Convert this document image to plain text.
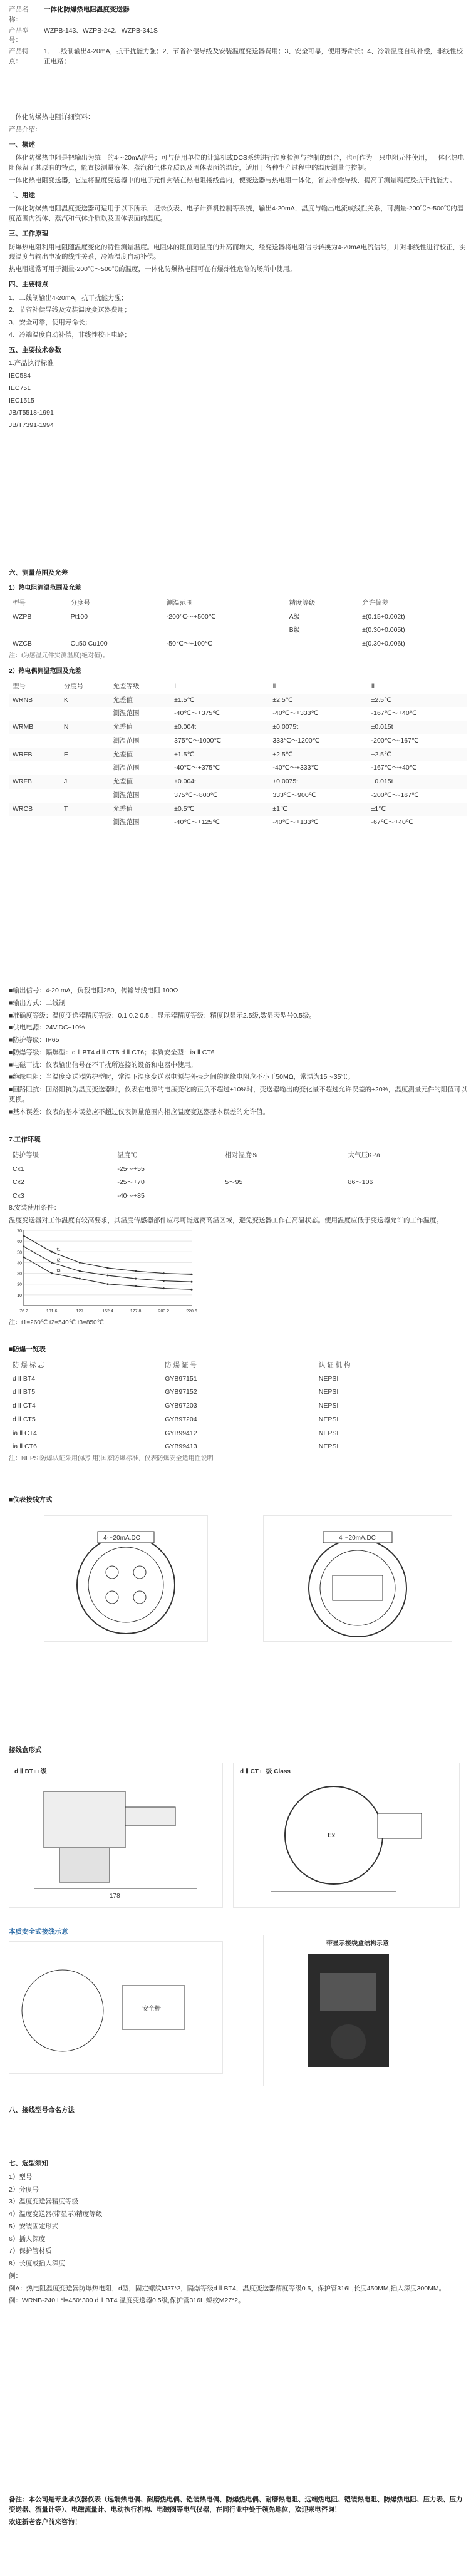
产品名称：
一体化防爆热电阻温度变送器
产品型号：
WZPB-143、WZPB-242、WZPB-341S
产品特点：
1、二线制输出4-20mA，抗干扰能力强；2、节省补偿导线及安装温度变送器费用；3、安全可靠，使用寿命长；4、冷端温度自动补偿，非线性校正电路；
一体化防爆热电阻详细资料：
产品介绍：
一、概述
一体化防爆热电阻是把输出为统一的4～20mA信号；可与使用单位的计算机或DCS系统进行温度检测与控制的组合，也可作为一只电阻元件使用，一体化热电阻保留了其原有的特点，能直接测量液体、蒸汽和气体介质以及固体表面的温度，适用于各种生产过程中的温度测量与控制。
一体化热电阻变送器，它是将温度变送器中的电子元件封装在热电阻接线盒内，使变送器与热电阻一体化，省去补偿导线，提高了测量精度及抗干扰能力。
二、用途
一体化防爆热电阻温度变送器可适用于以下所示，记录仪表、电子计算机控制等系统，输出4-20mA，温度与输出电流成线性关系，可测量-200℃～500℃的温度范围内流体、蒸汽和气体介质以及固体表面的温度。
三、工作原理
防爆热电阻利用电阻随温度变化的特性测量温度。电阻体的阻值随温度的升高而增大，经变送器将电阻信号转换为4-20mA电流信号，并对非线性进行校正，实现温度与输出电流的线性关系，冷端温度自动补偿。
热电阻通常可用于测量-200℃～500℃的温度，一体化防爆热电阻可在有爆炸性危险的场所中使用。
四、主要特点
1、二线制输出4-20mA，抗干扰能力强；
2、节省补偿导线及安装温度变送器费用；
3、安全可靠，使用寿命长；
4、冷端温度自动补偿，非线性校正电路；
五、主要技术参数
1.产品执行标准
IEC584
IEC751
IEC1515
JB/T5518-1991
JB/T7391-1994
六、测量范围及允差
1）热电阻测温范围及允差
型号	分度号	测温范围	精度等级	允许偏差
WZPB	Pt100	-200℃～+500℃	A级	±(0.15+0.002t)
			B级	±(0.30+0.005t)
WZCB	Cu50 Cu100	-50℃～+100℃		±(0.30+0.006t)
注：t为感温元件实测温度(绝对值)。
2）热电偶测温范围及允差
型号	分度号	允差等级	Ⅰ	Ⅱ	Ⅲ
WRNB	K	允差值	±1.5℃	±2.5℃	±2.5℃
		测温范围	-40℃～+375℃	-40℃～+333℃	-167℃～+40℃
WRMB	N	允差值	±0.004t	±0.0075t	±0.015t
		测温范围	375℃～1000℃	333℃～1200℃	-200℃～-167℃
WREB	E	允差值	±1.5℃	±2.5℃	±2.5℃
		测温范围	-40℃～+375℃	-40℃～+333℃	-167℃～+40℃
WRFB	J	允差值	±0.004t	±0.0075t	±0.015t
		测温范围	375℃～800℃	333℃～900℃	-200℃～-167℃
WRCB	T	允差值	±0.5℃	±1℃	±1℃
		测温范围	-40℃～+125℃	-40℃～+133℃	-67℃～+40℃
■输出信号：4-20 mA，负载电阻250，传输导线电阻 100Ω
■输出方式：二线制
■准确度等级：温度变送器精度等级：0.1 0.2 0.5 ，显示器精度等级：精度以显示2.5级,数显表型号0.5级。
■供电电源：24V.DC±10%
■防护等级：IP65
■防爆等级：隔爆型：d Ⅱ BT4 d Ⅱ CT5 d Ⅱ CT6；本质安全型：ia Ⅱ CT6
■电磁干扰：仪表输出信号在不干扰所连接的设备和电器中使用。
■绝缘电阻：当温度变送器防护型时，常温下温度变送器电源与外壳之间的绝缘电阻应不小于50MΩ，常温为15～35℃。
■回路阻抗：回路阻抗为温度变送器时，仪表在电源的电压变化的正负不超过±10%时，变送器输出的变化量不超过允许误差的±20%，温度测量元件的阻值可以更换。
■基本误差：仪表的基本误差应不超过仪表测量范围内相应温度变送器基本误差的允许值。
7.工作环境
防护等级	温度℃	相对湿度%	大气压KPa
Cx1	-25～+55		
Cx2	-25～+70	5～95	86～106
Cx3	-40～+85		
8.安装使用条件：
温度变送器对工作温度有较高要求，其温度传感器部件应尽可能远离高温区域，避免变送器工作在高温状态。使用温度应低于变送器允许的工作温度。
70
60
50
40
30
20
10
76.2	101.6	127	152.4	177.8	203.2	220.6
t1
t2
t3
注：t1=260℃ t2=540℃ t3=850℃
■防爆一览表
防 爆 标 志	防 爆 证 号	认 证 机 构
d Ⅱ BT4	GYB97151	NEPSI
d Ⅱ BT5	GYB97152	NEPSI
d Ⅱ CT4	GYB97203	NEPSI
d Ⅱ CT5	GYB97204	NEPSI
ia Ⅱ CT4	GYB99412	NEPSI
ia Ⅱ CT6	GYB99413	NEPSI
注：NEPSI防爆认证采用(或引用)国家防爆标准，仪表防爆安全适用性说明
■仪表接线方式
4～20mA.DC	4～20mA.DC
接线盒形式
d Ⅱ BT □ 级
178
d Ⅱ CT □ 级 Class
Ex
本质安全式接线示意
安全栅
带显示接线盒结构示意
八、接线型号命名方法
七、选型须知
1）型号
2）分度号
3）温度变送器精度等级
4）温度变送器(带显示)精度等级
5）安装固定形式
6）插入深度
7）保护管材质
8）长度或插入深度
例：
例A：热电阻温度变送器防爆热电阻，d型，固定螺纹M27*2，隔爆等级d Ⅱ BT4，温度变送器精度等级0.5，保护管316L,长度450MM,插入深度300MM。
例：WRNB-240 L*l=450*300 d Ⅱ BT4 温度变送器0.5级,保护管316L,螺纹M27*2。
备注：本公司是专业承仪器仪表（远端热电偶、耐磨热电偶、铠装热电偶、防爆热电偶、耐磨热电阻、远端热电阻、铠装热电阻、防爆热电阻、压力表、压力变送器、流量计等）、电磁流量计、电动执行机构、电磁阀等电气仪器，在同行业中处于领先地位，欢迎来电咨询！
欢迎新老客户前来咨询！
